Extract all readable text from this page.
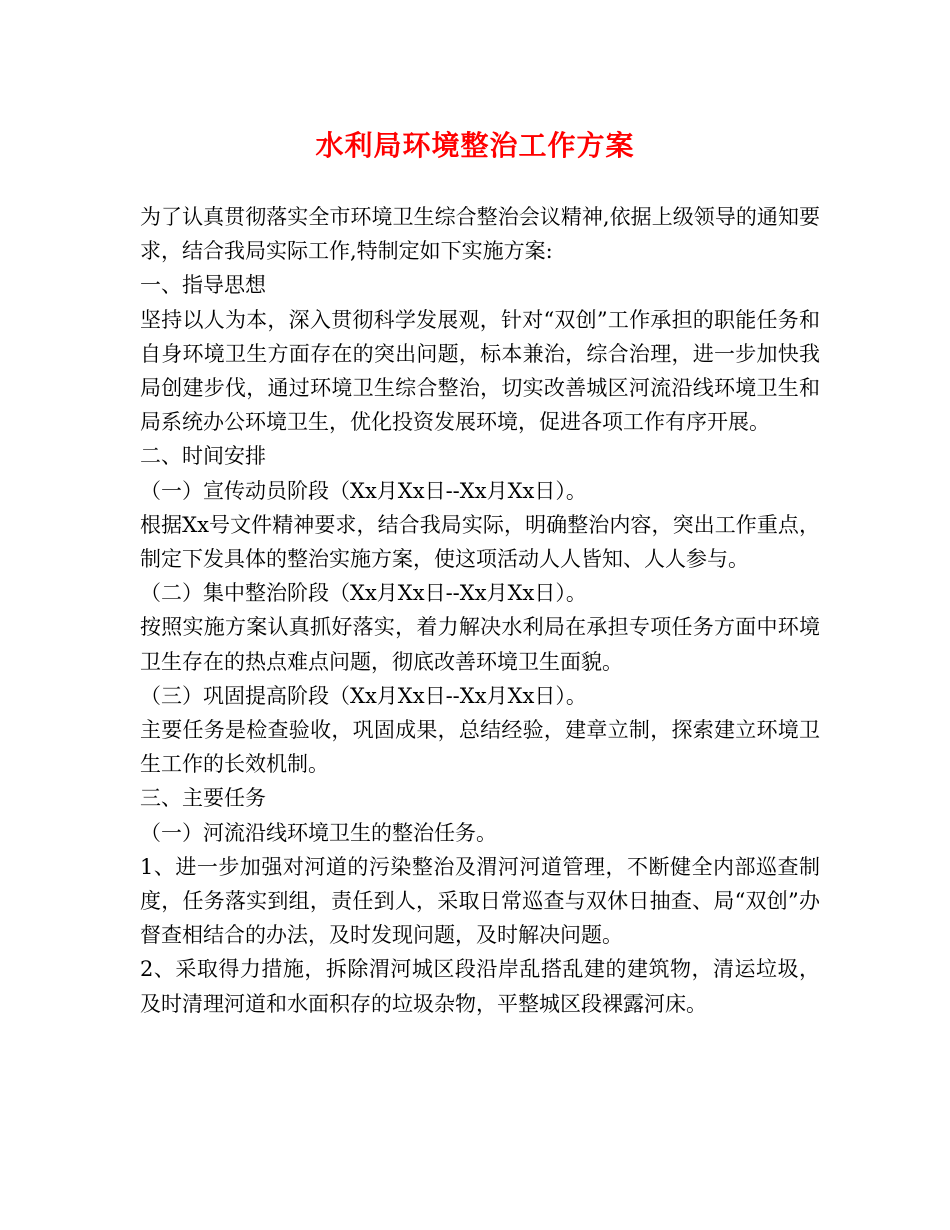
水利局环境整治工作方案

为了认真贯彻落实全市环境卫生综合整治会议精神,依据上级领导的通知要求，结合我局实际工作,特制定如下实施方案:

一、指导思想

坚持以人为本，深入贯彻科学发展观，针对“双创”工作承担的职能任务和自身环境卫生方面存在的突出问题，标本兼治，综合治理，进一步加快我局创建步伐，通过环境卫生综合整治，切实改善城区河流沿线环境卫生和局系统办公环境卫生，优化投资发展环境，促进各项工作有序开展。

二、时间安排

（一）宣传动员阶段（Xx月Xx日--Xx月Xx日）。

根据Xx号文件精神要求，结合我局实际，明确整治内容，突出工作重点，制定下发具体的整治实施方案，使这项活动人人皆知、人人参与。

（二）集中整治阶段（Xx月Xx日--Xx月Xx日）。

按照实施方案认真抓好落实，着力解决水利局在承担专项任务方面中环境卫生存在的热点难点问题，彻底改善环境卫生面貌。

（三）巩固提高阶段（Xx月Xx日--Xx月Xx日）。

主要任务是检查验收，巩固成果，总结经验，建章立制，探索建立环境卫生工作的长效机制。

三、主要任务

（一）河流沿线环境卫生的整治任务。

1、进一步加强对河道的污染整治及渭河河道管理，不断健全内部巡查制度，任务落实到组，责任到人，采取日常巡查与双休日抽查、局“双创”办督查相结合的办法，及时发现问题，及时解决问题。

2、采取得力措施，拆除渭河城区段沿岸乱搭乱建的建筑物，清运垃圾，及时清理河道和水面积存的垃圾杂物，平整城区段裸露河床。
